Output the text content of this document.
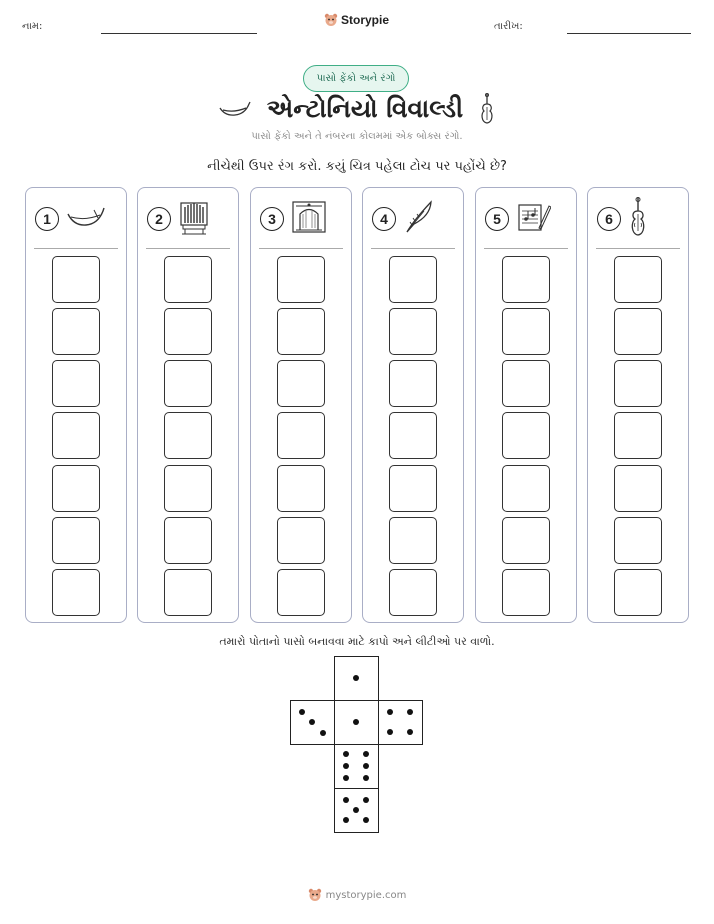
નામ:	Storypie	તારીખ:
પાસો ફેંકો અને રંગો
એન્ટોનિયો વિવાલ્ડી
પાસો ફેંકો અને તે નંબરના કોલમમાં એક બોક્સ રંગો.
નીચેથી ઉપર રંગ કરો. કયું ચિત્ર પહેલા ટોચ પર પહોંચે છે?
1	2	3	4	5	6
તમારો પોતાનો પાસો બનાવવા માટે કાપો અને લીટીઓ પર વાળો.
mystorypie.com
